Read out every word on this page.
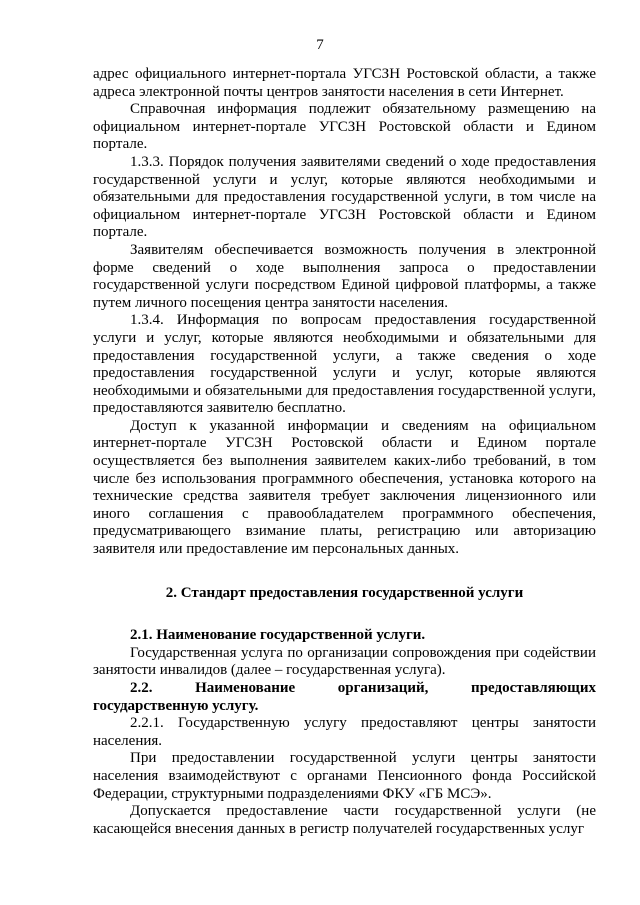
7

адрес официального интернет-портала УГСЗН Ростовской области, а также адреса электронной почты центров занятости населения в сети Интернет.

Справочная информация подлежит обязательному размещению на официальном интернет-портале УГСЗН Ростовской области и Едином портале.

1.3.3. Порядок получения заявителями сведений о ходе предоставления государственной услуги и услуг, которые являются необходимыми и обязательными для предоставления государственной услуги, в том числе на официальном интернет-портале УГСЗН Ростовской области и Едином портале.

Заявителям обеспечивается возможность получения в электронной форме сведений о ходе выполнения запроса о предоставлении государственной услуги посредством Единой цифровой платформы, а также путем личного посещения центра занятости населения.

1.3.4. Информация по вопросам предоставления государственной услуги и услуг, которые являются необходимыми и обязательными для предоставления государственной услуги, а также сведения о ходе предоставления государственной услуги и услуг, которые являются необходимыми и обязательными для предоставления государственной услуги, предоставляются заявителю бесплатно.

Доступ к указанной информации и сведениям на официальном интернет-портале УГСЗН Ростовской области и Едином портале осуществляется без выполнения заявителем каких-либо требований, в том числе без использования программного обеспечения, установка которого на технические средства заявителя требует заключения лицензионного или иного соглашения с правообладателем программного обеспечения, предусматривающего взимание платы, регистрацию или авторизацию заявителя или предоставление им персональных данных.

2. Стандарт предоставления государственной услуги

2.1. Наименование государственной услуги.

Государственная услуга по организации сопровождения при содействии занятости инвалидов (далее – государственная услуга).

2.2. Наименование организаций, предоставляющих государственную услугу.

2.2.1. Государственную услугу предоставляют центры занятости населения.

При предоставлении государственной услуги центры занятости населения взаимодействуют с органами Пенсионного фонда Российской Федерации, структурными подразделениями ФКУ «ГБ МСЭ».

Допускается предоставление части государственной услуги (не касающейся внесения данных в регистр получателей государственных услуг
